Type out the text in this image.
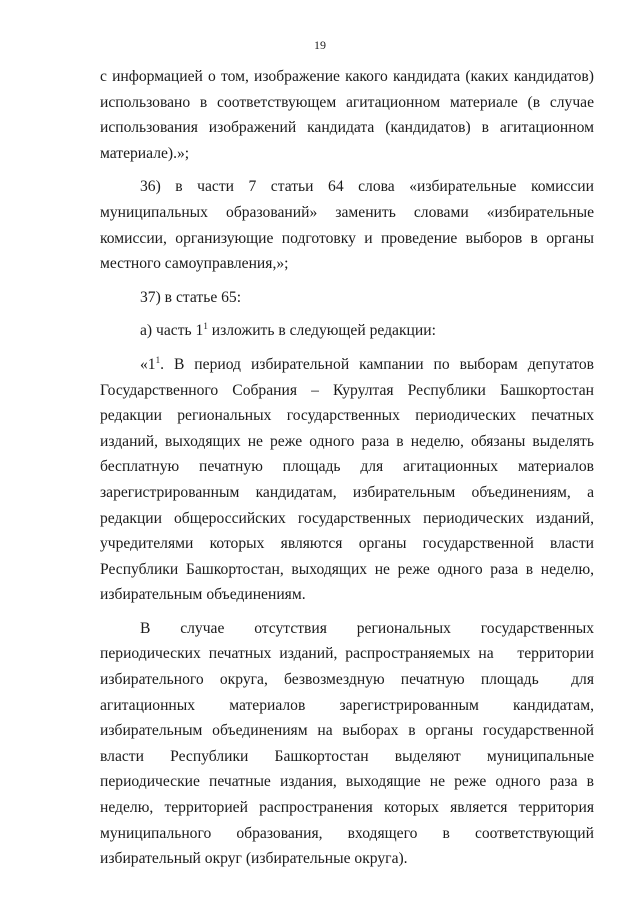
19

с информацией о том, изображение какого кандидата (каких кандидатов) использовано в соответствующем агитационном материале (в случае использования изображений кандидата (кандидатов) в агитационном материале).»;

36) в части 7 статьи 64 слова «избирательные комиссии муниципальных образований» заменить словами «избирательные комиссии, организующие подготовку и проведение выборов в органы местного самоуправления,»;

37) в статье 65:

а) часть $1^1$ изложить в следующей редакции:

«$1^1$. В период избирательной кампании по выборам депутатов Государственного Собрания – Курултая Республики Башкортостан редакции региональных государственных периодических печатных изданий, выходящих не реже одного раза в неделю, обязаны выделять бесплатную печатную площадь для агитационных материалов зарегистрированным кандидатам, избирательным объединениям, а редакции общероссийских государственных периодических изданий, учредителями которых являются органы государственной власти Республики Башкортостан, выходящих не реже одного раза в неделю, избирательным объединениям.

В случае отсутствия региональных государственных периодических печатных изданий, распространяемых на   территории избирательного округа, безвозмездную печатную площадь  для агитационных материалов зарегистрированным кандидатам, избирательным объединениям на выборах в органы государственной власти Республики Башкортостан выделяют муниципальные периодические печатные издания, выходящие не реже одного раза в неделю, территорией распространения которых является территория муниципального образования, входящего в соответствующий избирательный округ (избирательные округа).
